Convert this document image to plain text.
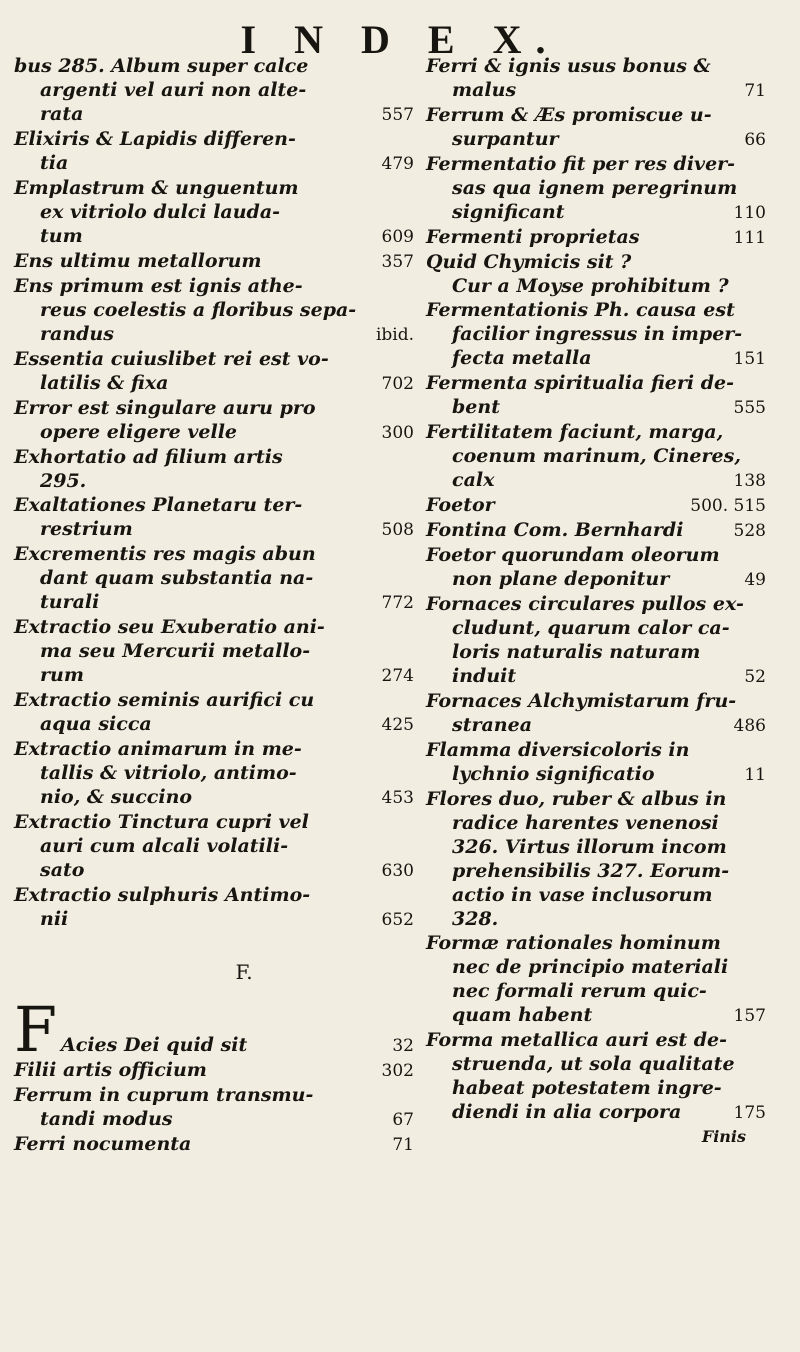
I N D E X.
bus 285. Album super calce
argenti vel auri non alte-
rata	557
Elixiris & Lapidis differen-
tia	479
Emplastrum & unguentum
ex vitriolo dulci lauda-
tum	609
Ens ultimu metallorum	357
Ens primum est ignis athe-
reus coelestis a floribus sepa-
randus	ibid.
Essentia cuiuslibet rei est vo-
latilis & fixa	702
Error est singulare auru pro
opere eligere velle	300
Exhortatio ad filium artis
295.
Exaltationes Planetaru ter-
restrium	508
Excrementis res magis abun
dant quam substantia na-
turali	772
Extractio seu Exuberatio ani-
ma seu Mercurii metallo-
rum	274
Extractio seminis aurifici cu
aqua sicca	425
Extractio animarum in me-
tallis & vitriolo, antimo-
nio, & succino	453
Extractio Tinctura cupri vel
auri cum alcali volatili-
sato	630
Extractio sulphuris Antimo-
nii	652
F.
F Acies Dei quid sit	32
Filii artis officium	302
Ferrum in cuprum transmu-
tandi modus	67
Ferri nocumenta	71
Ferri & ignis usus bonus &
malus	71
Ferrum & Æs promiscue u-
surpantur	66
Fermentatio fit per res diver-
sas qua ignem peregrinum
significant	110
Fermenti proprietas	111
Quid Chymicis sit ?
Cur a Moyse prohibitum ?
Fermentationis Ph. causa est
facilior ingressus in imper-
fecta metalla	151
Fermenta spiritualia fieri de-
bent	555
Fertilitatem faciunt, marga,
coenum marinum, Cineres,
calx	138
Foetor	500. 515
Fontina Com. Bernhardi	528
Foetor quorundam oleorum
non plane deponitur	49
Fornaces circulares pullos ex-
cludunt, quarum calor ca-
loris naturalis naturam
induit	52
Fornaces Alchymistarum fru-
stranea	486
Flamma diversicoloris in
lychnio significatio	11
Flores duo, ruber & albus in
radice harentes venenosi
326. Virtus illorum incom
prehensibilis 327. Eorum-
actio in vase inclusorum
328.
Formæ rationales hominum
nec de principio materiali
nec formali rerum quic-
quam habent	157
Forma metallica auri est de-
struenda, ut sola qualitate
habeat potestatem ingre-
diendi in alia corpora	175
Finis
